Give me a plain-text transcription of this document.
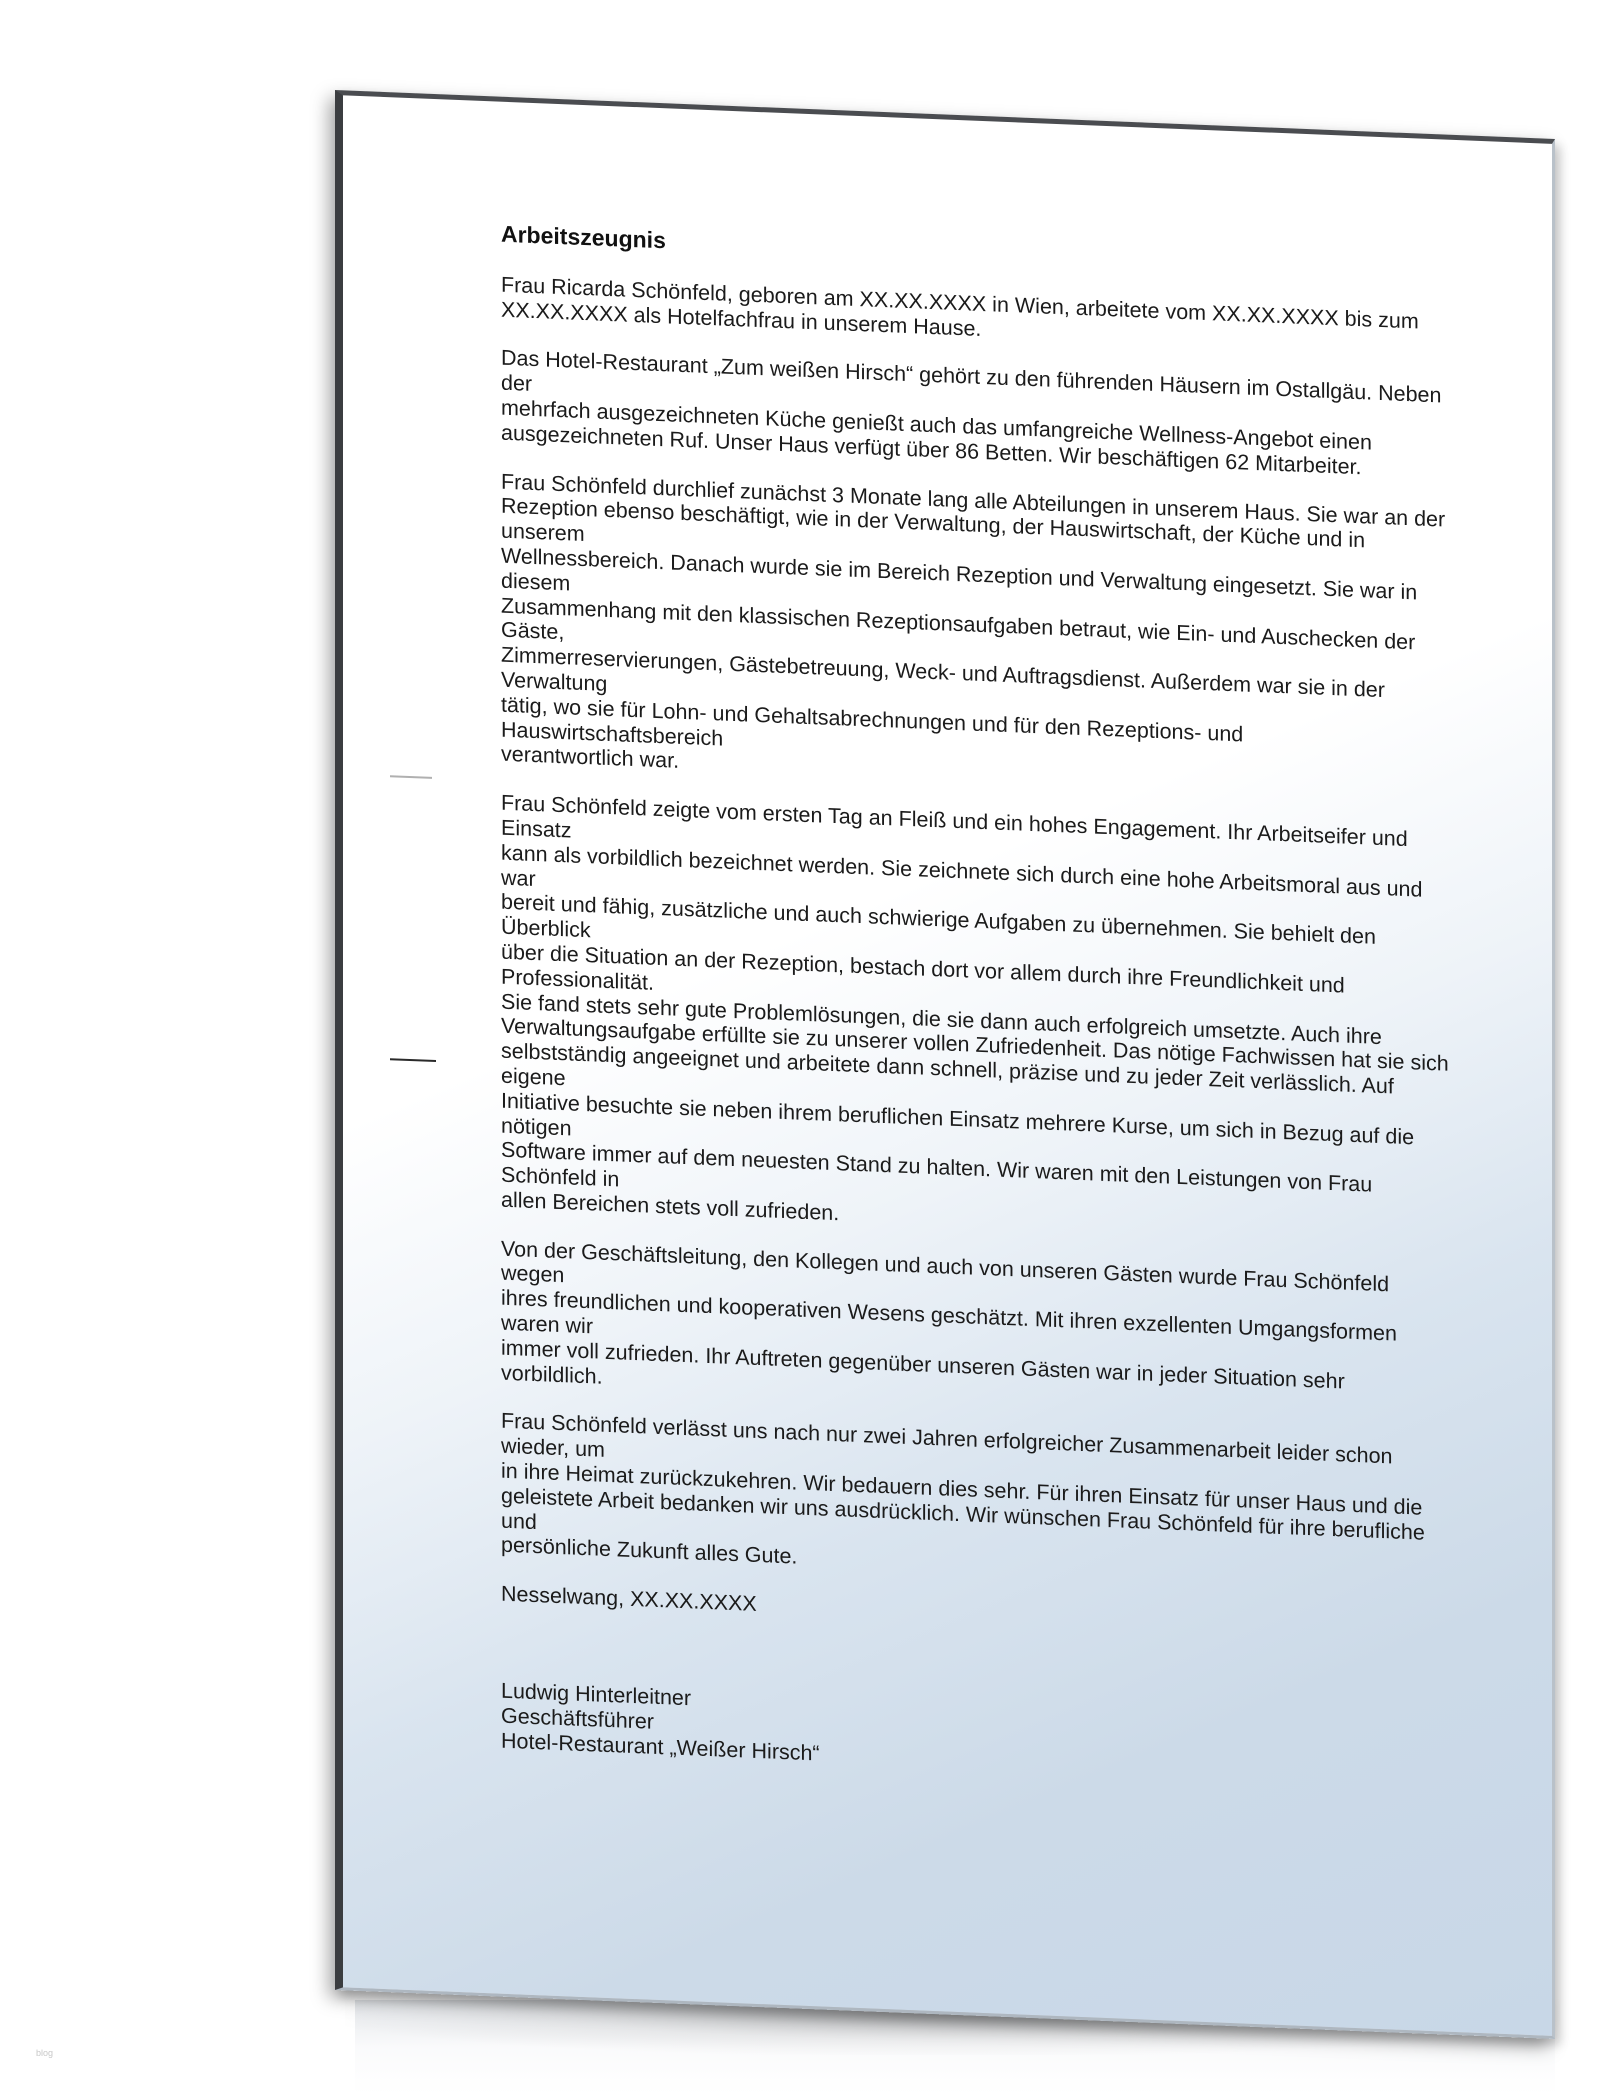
Arbeitszeugnis

Frau Ricarda Schönfeld, geboren am XX.XX.XXXX in Wien, arbeitete vom XX.XX.XXXX bis zum
XX.XX.XXXX als Hotelfachfrau in unserem Hause.

Das Hotel-Restaurant „Zum weißen Hirsch“ gehört zu den führenden Häusern im Ostallgäu. Neben der
mehrfach ausgezeichneten Küche genießt auch das umfangreiche Wellness-Angebot einen
ausgezeichneten Ruf. Unser Haus verfügt über 86 Betten. Wir beschäftigen 62 Mitarbeiter.

Frau Schönfeld durchlief zunächst 3 Monate lang alle Abteilungen in unserem Haus. Sie war an der
Rezeption ebenso beschäftigt, wie in der Verwaltung, der Hauswirtschaft, der Küche und in unserem
Wellnessbereich. Danach wurde sie im Bereich Rezeption und Verwaltung eingesetzt. Sie war in diesem
Zusammenhang mit den klassischen Rezeptionsaufgaben betraut, wie Ein- und Auschecken der Gäste,
Zimmerreservierungen, Gästebetreuung, Weck- und Auftragsdienst. Außerdem war sie in der Verwaltung
tätig, wo sie für Lohn- und Gehaltsabrechnungen und für den Rezeptions- und Hauswirtschaftsbereich
verantwortlich war.

Frau Schönfeld zeigte vom ersten Tag an Fleiß und ein hohes Engagement. Ihr Arbeitseifer und Einsatz
kann als vorbildlich bezeichnet werden. Sie zeichnete sich durch eine hohe Arbeitsmoral aus und war
bereit und fähig, zusätzliche und auch schwierige Aufgaben zu übernehmen. Sie behielt den Überblick
über die Situation an der Rezeption, bestach dort vor allem durch ihre Freundlichkeit und Professionalität.
Sie fand stets sehr gute Problemlösungen, die sie dann auch erfolgreich umsetzte. Auch ihre
Verwaltungsaufgabe erfüllte sie zu unserer vollen Zufriedenheit. Das nötige Fachwissen hat sie sich
selbstständig angeeignet und arbeitete dann schnell, präzise und zu jeder Zeit verlässlich. Auf eigene
Initiative besuchte sie neben ihrem beruflichen Einsatz mehrere Kurse, um sich in Bezug auf die nötigen
Software immer auf dem neuesten Stand zu halten. Wir waren mit den Leistungen von Frau Schönfeld in
allen Bereichen stets voll zufrieden.

Von der Geschäftsleitung, den Kollegen und auch von unseren Gästen wurde Frau Schönfeld wegen
ihres freundlichen und kooperativen Wesens geschätzt. Mit ihren exzellenten Umgangsformen waren wir
immer voll zufrieden. Ihr Auftreten gegenüber unseren Gästen war in jeder Situation sehr vorbildlich.

Frau Schönfeld verlässt uns nach nur zwei Jahren erfolgreicher Zusammenarbeit leider schon wieder, um
in ihre Heimat zurückzukehren. Wir bedauern dies sehr. Für ihren Einsatz für unser Haus und die
geleistete Arbeit bedanken wir uns ausdrücklich. Wir wünschen Frau Schönfeld für ihre berufliche und
persönliche Zukunft alles Gute.

Nesselwang, XX.XX.XXXX

Ludwig Hinterleitner
Geschäftsführer
Hotel-Restaurant „Weißer Hirsch“
blog
